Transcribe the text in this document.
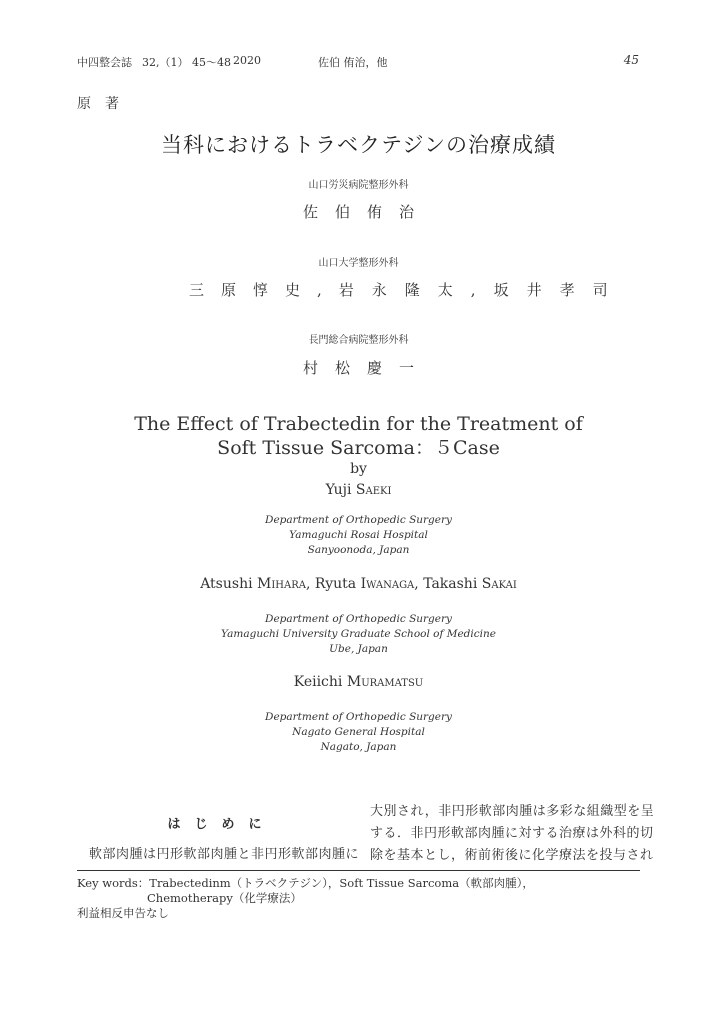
中四整会誌 32,（1） 45～48 2020	佐伯 侑治，他	45
原　著
当科におけるトラベクテジンの治療成績
山口労災病院整形外科
佐伯侑治
山口大学整形外科
三原惇史,岩永隆太,坂井孝司
長門総合病院整形外科
村松慶一
The Effect of Trabectedin for the Treatment of
Soft Tissue Sarcoma：５Case
by
Yuji Saeki
Department of Orthopedic Surgery
Yamaguchi Rosai Hospital
Sanyoonoda, Japan
Atsushi Mihara, Ryuta Iwanaga, Takashi Sakai
Department of Orthopedic Surgery
Yamaguchi University Graduate School of Medicine
Ube, Japan
Keiichi Muramatsu
Department of Orthopedic Surgery
Nagato General Hospital
Nagato, Japan
はじめに
軟部肉腫は円形軟部肉腫と非円形軟部肉腫に
大別され，非円形軟部肉腫は多彩な組織型を呈
する．非円形軟部肉腫に対する治療は外科的切
除を基本とし，術前術後に化学療法を投与され
Key words：Trabectedinm（トラベクテジン），Soft Tissue Sarcoma（軟部肉腫），
Chemotherapy（化学療法）
利益相反申告なし
